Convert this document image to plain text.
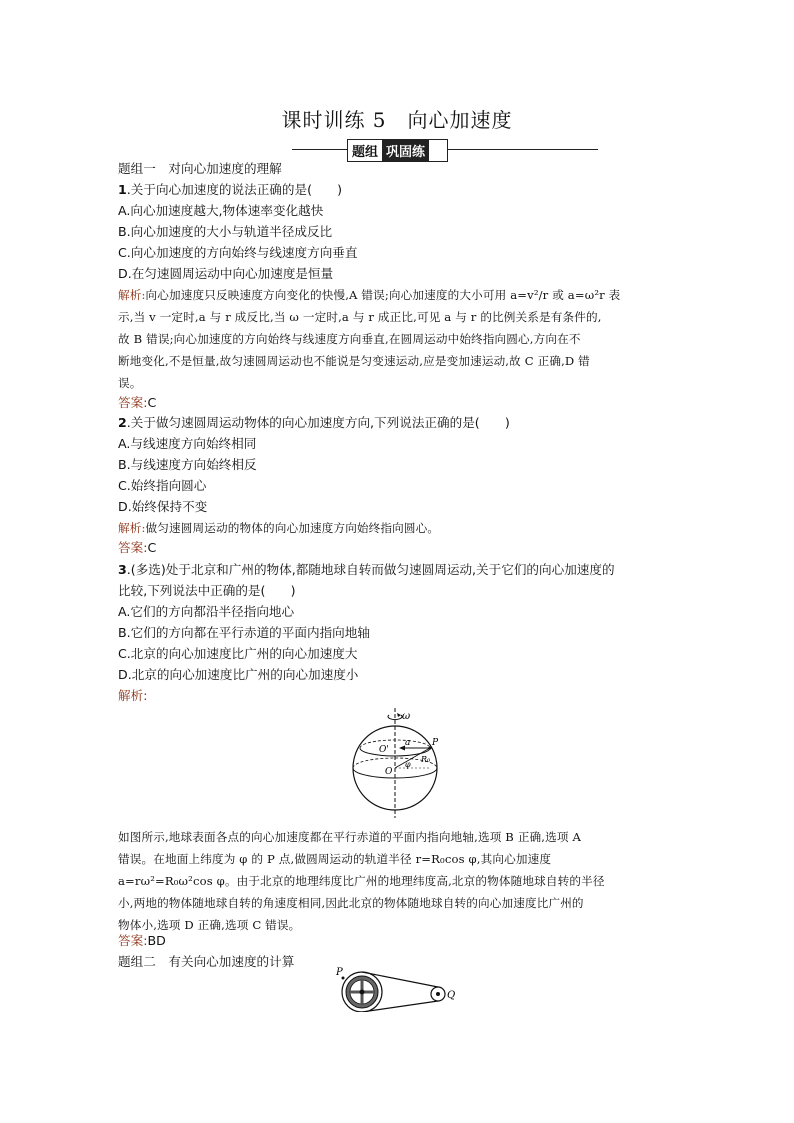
课时训练 5　向心加速度
题组 巩固练
题组一　对向心加速度的理解
1.关于向心加速度的说法正确的是(　　)
A.向心加速度越大,物体速率变化越快
B.向心加速度的大小与轨道半径成反比
C.向心加速度的方向始终与线速度方向垂直
D.在匀速圆周运动中向心加速度是恒量
解析:向心加速度只反映速度方向变化的快慢,A 错误;向心加速度的大小可用 a=v²/r 或 a=ω²r 表
示,当 v 一定时,a 与 r 成反比,当 ω 一定时,a 与 r 成正比,可见 a 与 r 的比例关系是有条件的,
故 B 错误;向心加速度的方向始终与线速度方向垂直,在圆周运动中始终指向圆心,方向在不
断地变化,不是恒量,故匀速圆周运动也不能说是匀变速运动,应是变加速运动,故 C 正确,D 错
误。
答案:C
2.关于做匀速圆周运动物体的向心加速度方向,下列说法正确的是(　　)
A.与线速度方向始终相同
B.与线速度方向始终相反
C.始终指向圆心
D.始终保持不变
解析:做匀速圆周运动的物体的向心加速度方向始终指向圆心。
答案:C
3.(多选)处于北京和广州的物体,都随地球自转而做匀速圆周运动,关于它们的向心加速度的
比较,下列说法中正确的是(　　)
A.它们的方向都沿半径指向地心
B.它们的方向都在平行赤道的平面内指向地轴
C.北京的向心加速度比广州的向心加速度大
D.北京的向心加速度比广州的向心加速度小
解析:
ω
P
a
O'
R₀
φ
O
如图所示,地球表面各点的向心加速度都在平行赤道的平面内指向地轴,选项 B 正确,选项 A
错误。在地面上纬度为 φ 的 P 点,做圆周运动的轨道半径 r=R₀cos φ,其向心加速度
a=rω²=R₀ω²cos φ。由于北京的地理纬度比广州的地理纬度高,北京的物体随地球自转的半径
小,两地的物体随地球自转的角速度相同,因此北京的物体随地球自转的向心加速度比广州的
物体小,选项 D 正确,选项 C 错误。
答案:BD
题组二　有关向心加速度的计算
P
Q
